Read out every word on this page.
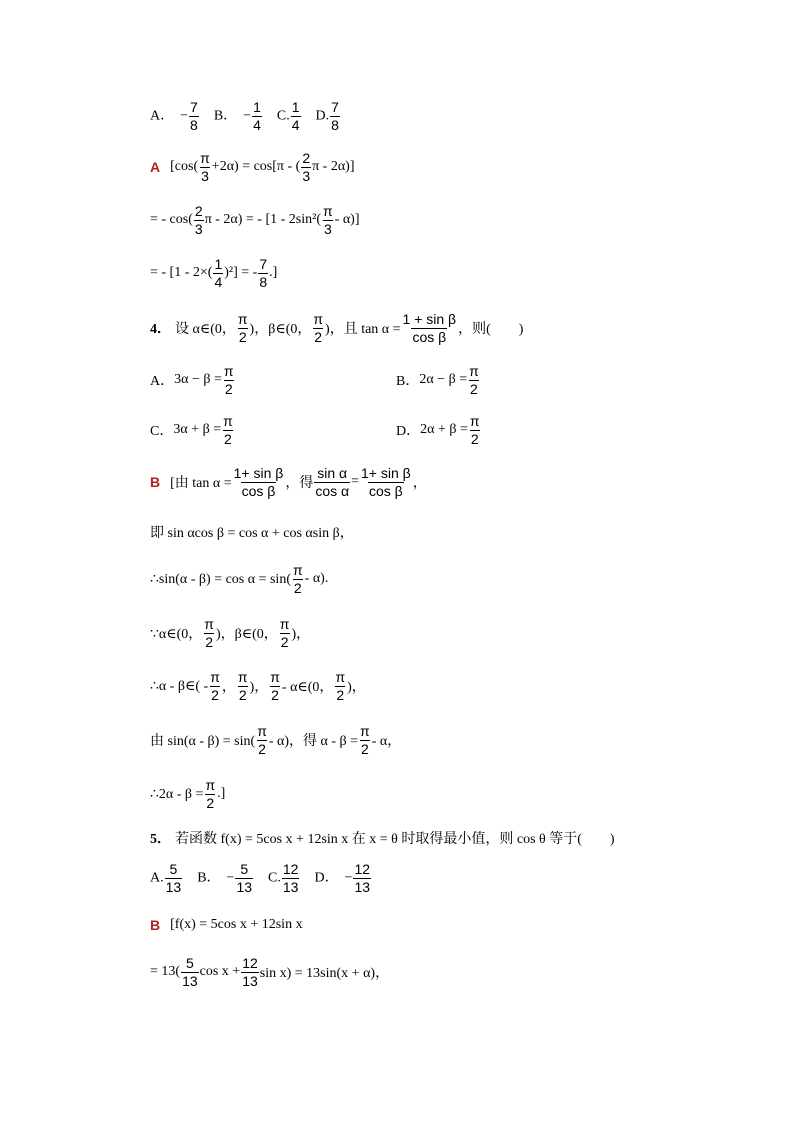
A． − $\frac{7}{8}$ B． − $\frac{1}{4} C$. $\frac{1}{4} D$. $\frac{7}{8}$
A [cos(
π
3
+2α) = cos[π - (
2
3
π - 2α)]
= - cos(
2
3
π - 2α) = - [1 - 2sin²(
π
3
- α)]
= - [1 - 2×(
1
4
)²] = -
7
8
.]
4． 设 α∈(0，
π
2 )，β∈(0，
π
2 )，且 $\tan \alpha = \frac{\text{1 + sin β}}{\text{cos β}}$ ，则(　　)
A． $3\alpha - \beta = \frac{\pi}{2}$	B． $2\alpha - \beta = \frac{\pi}{2}$
C． $3\alpha + \beta = \frac{\pi}{2}$	D． $2\alpha + \beta = \frac{\pi}{2}$
B [由 $\tan \alpha = \frac{\text{1+ sin β}}{\text{cos β}}$ ，得 $\frac{\text{sin α}}{\text{cos α}} = \frac{\text{1+ sin β}}{\text{cos β}}$ ，
即 sin αcos β = cos α + cos αsin β，
∴sin(α - β) = cos α = sin(
π
2
- α).
∵α∈(0，
π
2 )，β∈(0，
π
2 )，
∴α - β∈( -
π
2 ，
π
2 )，
π
2 - α∈(0，
π
2 )，
由 sin(α - β) = sin(
π
2 - α)，得 $\alpha - \beta = \frac{\pi}{2} - \alpha$，
∴2α - $\beta = \frac{\pi}{2}$ .]
5． 若函数 f(x) = 5cos x + 12sin x 在 x = θ 时取得最小值，则 cos θ 等于(　　)
A. $\frac{5}{13}$ B． − $\frac{5}{13} C$. $\frac{12}{13}$ D． − $\frac{12}{13}$
B [f(x) = 5cos x + 12sin x
= 13(
5
13
$\cos x + \frac{12}{13}$ sin x) = 13sin(x + α)，
